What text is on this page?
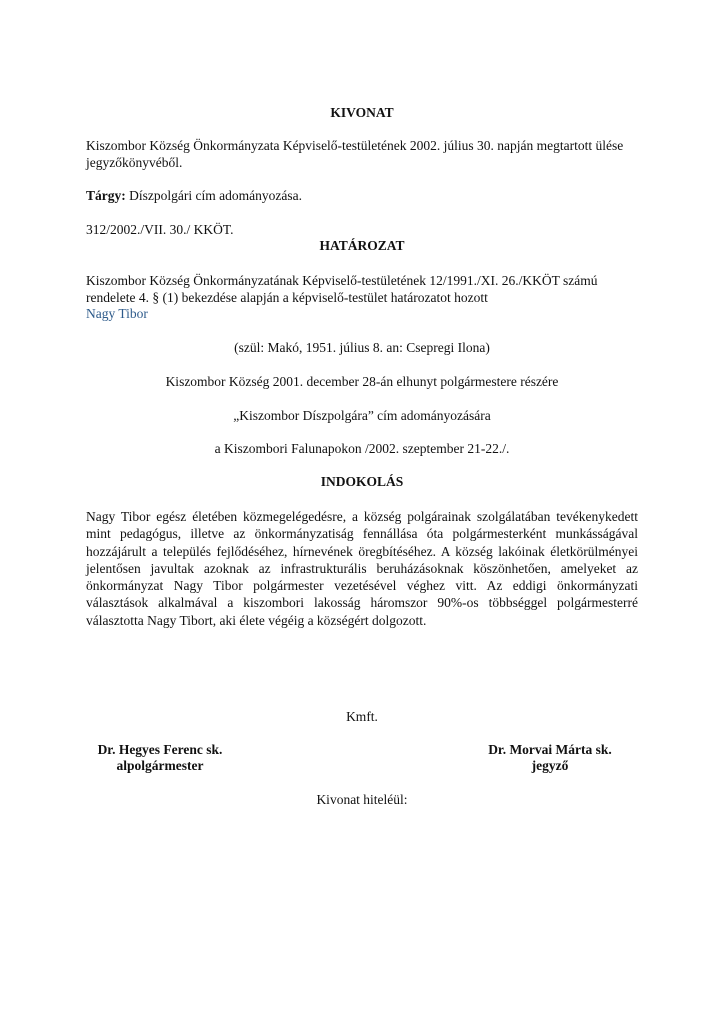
KIVONAT
Kiszombor Község Önkormányzata Képviselő-testületének 2002. július 30. napján megtartott ülése jegyzőkönyvéből.
Tárgy: Díszpolgári cím adományozása.
312/2002./VII. 30./ KKÖT.
HATÁROZAT
Kiszombor Község Önkormányzatának Képviselő-testületének 12/1991./XI. 26./KKÖT számú rendelete 4. § (1) bekezdése alapján a képviselő-testület határozatot hozott
Nagy Tibor
(szül: Makó, 1951. július 8. an: Csepregi Ilona)
Kiszombor Község 2001. december 28-án elhunyt polgármestere részére
„Kiszombor Díszpolgára” cím adományozására
a Kiszombori Falunapokon /2002. szeptember 21-22./.
INDOKOLÁS
Nagy Tibor egész életében közmegelégedésre, a község polgárainak szolgálatában tevékenykedett mint pedagógus, illetve az önkormányzatiság fennállása óta polgármesterként munkásságával hozzájárult a település fejlődéséhez, hírnevének öregbítéséhez. A község lakóinak életkörülményei jelentősen javultak azoknak az infrastrukturális beruházásoknak köszönhetően, amelyeket az önkormányzat Nagy Tibor polgármester vezetésével véghez vitt. Az eddigi önkormányzati választások alkalmával a kiszombori lakosság háromszor 90%-os többséggel polgármesterré választotta Nagy Tibort, aki élete végéig a községért dolgozott.
Kmft.
Dr. Hegyes Ferenc sk.
alpolgármester
Dr. Morvai Márta sk.
jegyző
Kivonat hiteléül:
